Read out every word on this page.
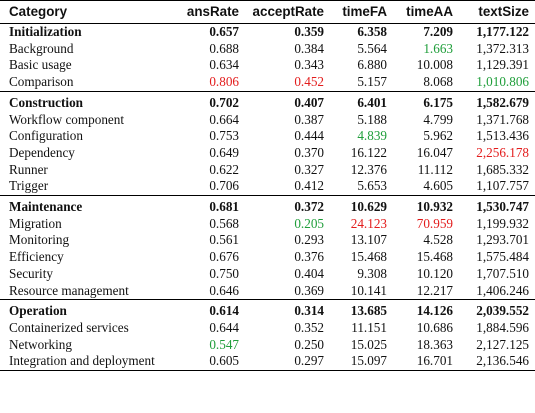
Category	ansRate	acceptRate	timeFA	timeAA	textSize
Initialization	0.657	0.359	6.358	7.209	1,177.122
Background	0.688	0.384	5.564	1.663	1,372.313
Basic usage	0.634	0.343	6.880	10.008	1,129.391
Comparison	0.806	0.452	5.157	8.068	1,010.806
Construction	0.702	0.407	6.401	6.175	1,582.679
Workflow component	0.664	0.387	5.188	4.799	1,371.768
Configuration	0.753	0.444	4.839	5.962	1,513.436
Dependency	0.649	0.370	16.122	16.047	2,256.178
Runner	0.622	0.327	12.376	11.112	1,685.332
Trigger	0.706	0.412	5.653	4.605	1,107.757
Maintenance	0.681	0.372	10.629	10.932	1,530.747
Migration	0.568	0.205	24.123	70.959	1,199.932
Monitoring	0.561	0.293	13.107	4.528	1,293.701
Efficiency	0.676	0.376	15.468	15.468	1,575.484
Security	0.750	0.404	9.308	10.120	1,707.510
Resource management	0.646	0.369	10.141	12.217	1,406.246
Operation	0.614	0.314	13.685	14.126	2,039.552
Containerized services	0.644	0.352	11.151	10.686	1,884.596
Networking	0.547	0.250	15.025	18.363	2,127.125
Integration and deployment	0.605	0.297	15.097	16.701	2,136.546
